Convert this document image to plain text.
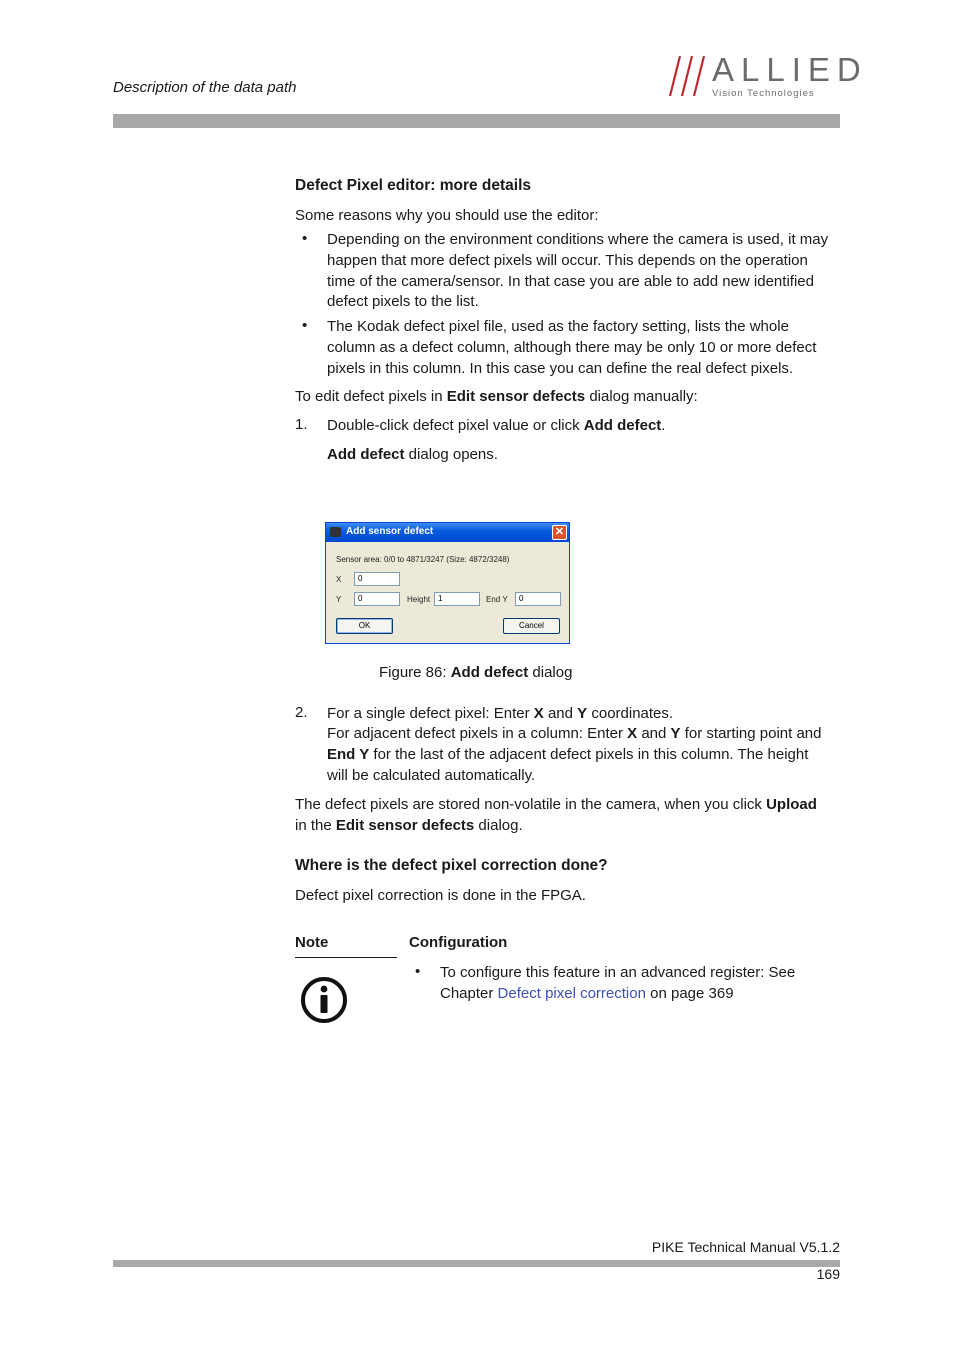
Description of the data path	ALLIED
Vision Technologies
Defect Pixel editor: more details

Some reasons why you should use the editor:

• Depending on the environment conditions where the camera is used, it may happen that more defect pixels will occur. This depends on the operation time of the camera/sensor. In that case you are able to add new identified defect pixels to the list.

• The Kodak defect pixel file, used as the factory setting, lists the whole column as a defect column, although there may be only 10 or more defect pixels in this column. In this case you can define the real defect pixels.

To edit defect pixels in Edit sensor defects dialog manually:

1. Double-click defect pixel value or click Add defect.

Add defect dialog opens.

Add sensor defect	✕
Sensor area: 0/0 to 4871/3247 (Size: 4872/3248)
X	0
Y	0	Height 1	End Y	0
OK	Cancel

Figure 86: Add defect dialog

2. For a single defect pixel: Enter X and Y coordinates.

For adjacent defect pixels in a column: Enter X and Y for starting point and

End Y for the last of the adjacent defect pixels in this column. The height

will be calculated automatically.

The defect pixels are stored non-volatile in the camera, when you click Upload

in the Edit sensor defects dialog.

Where is the defect pixel correction done?

Defect pixel correction is done in the FPGA.

Note	Configuration
• To configure this feature in an advanced register: See Chapter Defect pixel correction on page 369

PIKE Technical Manual V5.1.2
169
